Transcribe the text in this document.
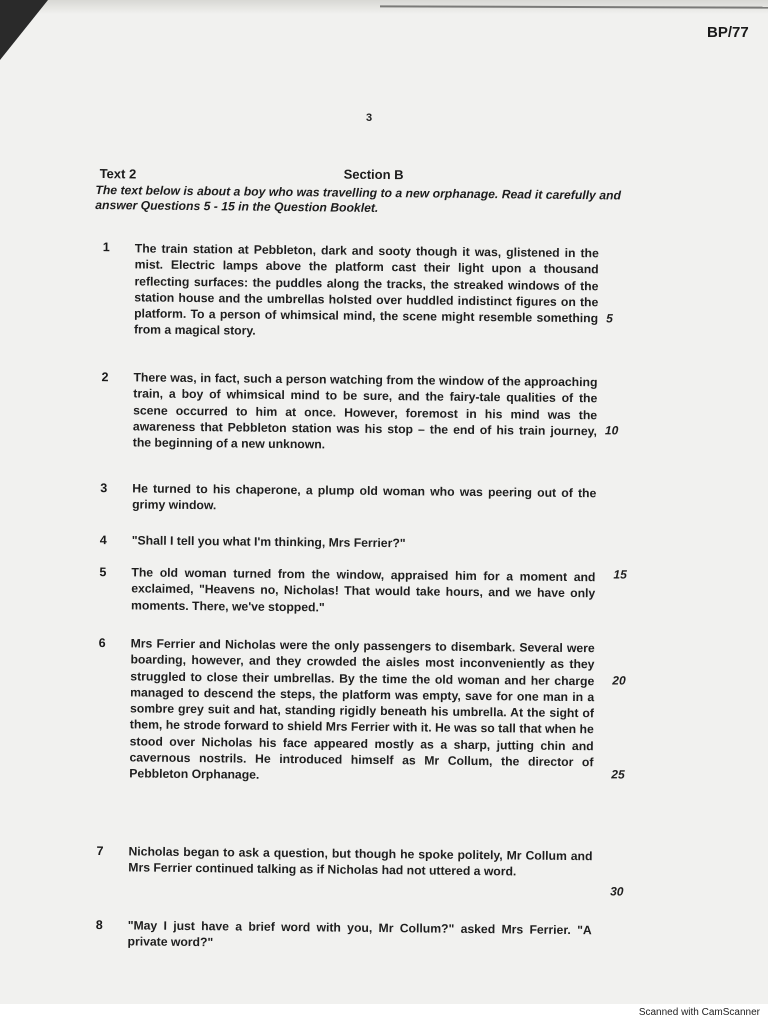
BP/77
3
Text 2	Section B
The text below is about a boy who was travelling to a new orphanage. Read it carefully and answer Questions 5 - 15 in the Question Booklet.
1 The train station at Pebbleton, dark and sooty though it was, glistened in the mist. Electric lamps above the platform cast their light upon a thousand reflecting surfaces: the puddles along the tracks, the streaked windows of the station house and the umbrellas holsted over huddled indistinct figures on the platform. To a person of whimsical mind, the scene might resemble something from a magical story.
5
2 There was, in fact, such a person watching from the window of the approaching train, a boy of whimsical mind to be sure, and the fairy-tale qualities of the scene occurred to him at once. However, foremost in his mind was the awareness that Pebbleton station was his stop – the end of his train journey, the beginning of a new unknown.
10
3 He turned to his chaperone, a plump old woman who was peering out of the grimy window.
4 "Shall I tell you what I'm thinking, Mrs Ferrier?"
5 The old woman turned from the window, appraised him for a moment and exclaimed, "Heavens no, Nicholas! That would take hours, and we have only moments. There, we've stopped."
15
6 Mrs Ferrier and Nicholas were the only passengers to disembark. Several were boarding, however, and they crowded the aisles most inconveniently as they struggled to close their umbrellas. By the time the old woman and her charge managed to descend the steps, the platform was empty, save for one man in a sombre grey suit and hat, standing rigidly beneath his umbrella. At the sight of them, he strode forward to shield Mrs Ferrier with it. He was so tall that when he stood over Nicholas his face appeared mostly as a sharp, jutting chin and cavernous nostrils. He introduced himself as Mr Collum, the director of Pebbleton Orphanage.
20
25
7 Nicholas began to ask a question, but though he spoke politely, Mr Collum and Mrs Ferrier continued talking as if Nicholas had not uttered a word.
30
8 "May I just have a brief word with you, Mr Collum?" asked Mrs Ferrier. "A private word?"
Scanned with CamScanner
